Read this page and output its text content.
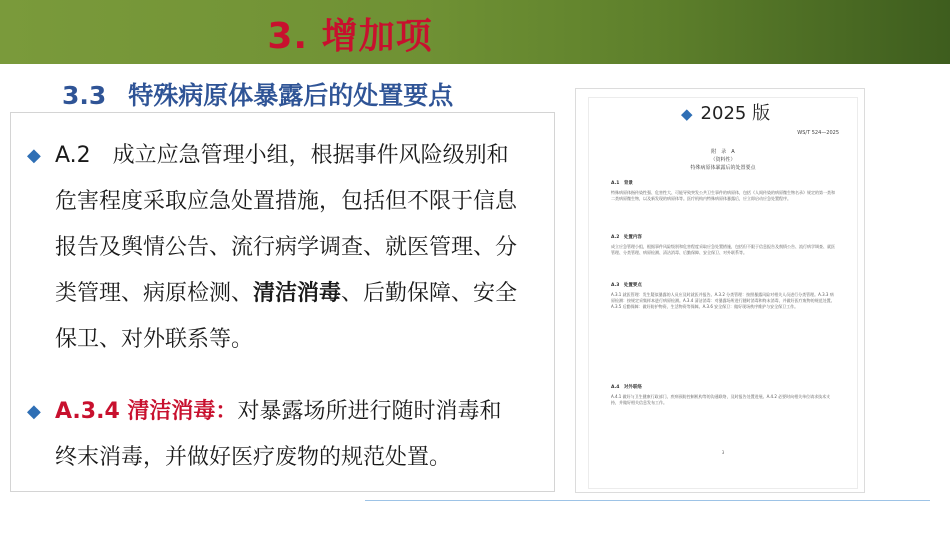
3. 增加项
3.3 特殊病原体暴露后的处置要点
◆ A.2　成立应急管理小组，根据事件风险级别和
危害程度采取应急处置措施，包括但不限于信息
报告及舆情公告、流行病学调查、就医管理、分
类管理、病原检测、清洁消毒、后勤保障、安全
保卫、对外联系等。
◆ A.3.4 清洁消毒：对暴露场所进行随时消毒和
终末消毒，并做好医疗废物的规范处置。
WS/T 524—2025
附　录　A
（资料性）
特殊病原体暴露后的处置要点
A.1　背景
特殊病原体指传染性强、危害性大、可能导致突发公共卫生事件的病原体，包括《人间传染的病原微生物名录》规定的第一类和二类病原微生物，以及新发现的病原体等。医疗机构内特殊病原体暴露后，应立即启动应急处置程序。
A.2　处置内容
成立应急管理小组，根据事件风险级别和危害程度采取应急处置措施，包括但不限于信息报告及舆情公告、流行病学调查、就医管理、分类管理、病原检测、清洁消毒、后勤保障、安全保卫、对外联系等。
A.3　处置要点
A.3.1 就医管理：发生疑似暴露的人员应及时就医并报告。A.3.2 分类管理：按照暴露风险对相关人员进行分类管理。A.3.3 病原检测：按规定采集样本进行病原检测。A.3.4 清洁消毒：对暴露场所进行随时消毒和终末消毒，并做好医疗废物的规范处置。A.3.5 后勤保障：做好防护物资、生活物资等保障。A.3.6 安全保卫：做好现场秩序维护与安全保卫工作。
A.4　对外联络
A.4.1 做好与卫生健康行政部门、疾病预防控制机构等的沟通联络，及时报告处置进展。A.4.2 必要时向相关单位请求技术支持，并做好相关信息发布工作。
3
◆ 2025 版
